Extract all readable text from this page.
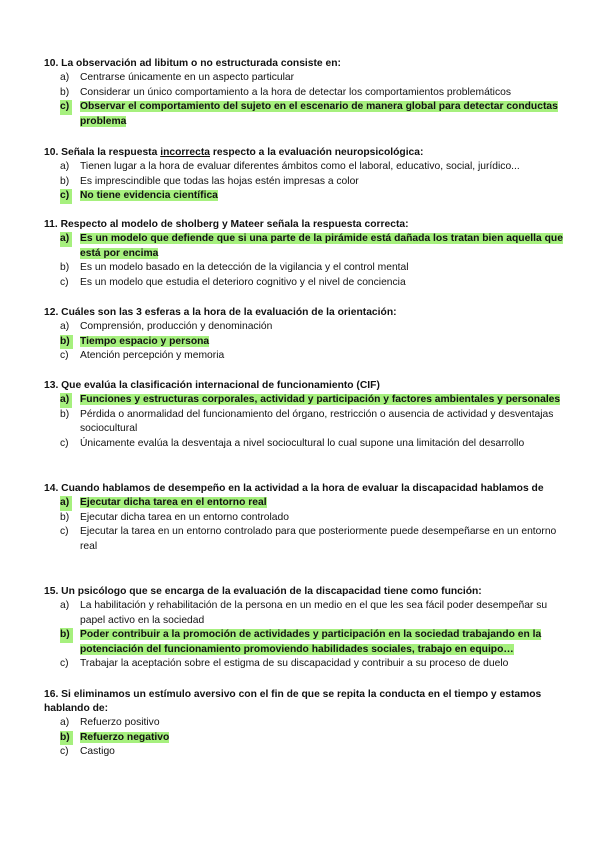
10. La observación ad libitum o no estructurada consiste en:

a) Centrarse únicamente en un aspecto particular
b) Considerar un único comportamiento a la hora de detectar los comportamientos problemáticos
c) Observar el comportamiento del sujeto en el escenario de manera global para detectar conductas problema

10. Señala la respuesta incorrecta respecto a la evaluación neuropsicológica:

a) Tienen lugar a la hora de evaluar diferentes ámbitos como el laboral, educativo, social, jurídico...
b) Es imprescindible que todas las hojas estén impresas a color
c) No tiene evidencia científica

11. Respecto al modelo de sholberg y Mateer señala la respuesta correcta:

a) Es un modelo que defiende que si una parte de la pirámide está dañada los tratan bien aquella que está por encima
b) Es un modelo basado en la detección de la vigilancia y el control mental
c) Es un modelo que estudia el deterioro cognitivo y el nivel de conciencia

12. Cuáles son las 3 esferas a la hora de la evaluación de la orientación:

a) Comprensión, producción y denominación
b) Tiempo espacio y persona
c) Atención percepción y memoria

13. Que evalúa la clasificación internacional de funcionamiento (CIF)

a) Funciones y estructuras corporales, actividad y participación y factores ambientales y personales
b) Pérdida o anormalidad del funcionamiento del órgano, restricción o ausencia de actividad y desventajas sociocultural
c) Únicamente evalúa la desventaja a nivel sociocultural lo cual supone una limitación del desarrollo

14. Cuando hablamos de desempeño en la actividad a la hora de evaluar la discapacidad hablamos de

a) Ejecutar dicha tarea en el entorno real
b) Ejecutar dicha tarea en un entorno controlado
c) Ejecutar la tarea en un entorno controlado para que posteriormente puede desempeñarse en un entorno real

15. Un psicólogo que se encarga de la evaluación de la discapacidad tiene como función:

a) La habilitación y rehabilitación de la persona en un medio en el que les sea fácil poder desempeñar su papel activo en la sociedad
b) Poder contribuir a la promoción de actividades y participación en la sociedad trabajando en la potenciación del funcionamiento promoviendo habilidades sociales, trabajo en equipo…
c) Trabajar la aceptación sobre el estigma de su discapacidad y contribuir a su proceso de duelo

16. Si eliminamos un estímulo aversivo con el fin de que se repita la conducta en el tiempo y estamos hablando de:

a) Refuerzo positivo
b) Refuerzo negativo
c) Castigo
